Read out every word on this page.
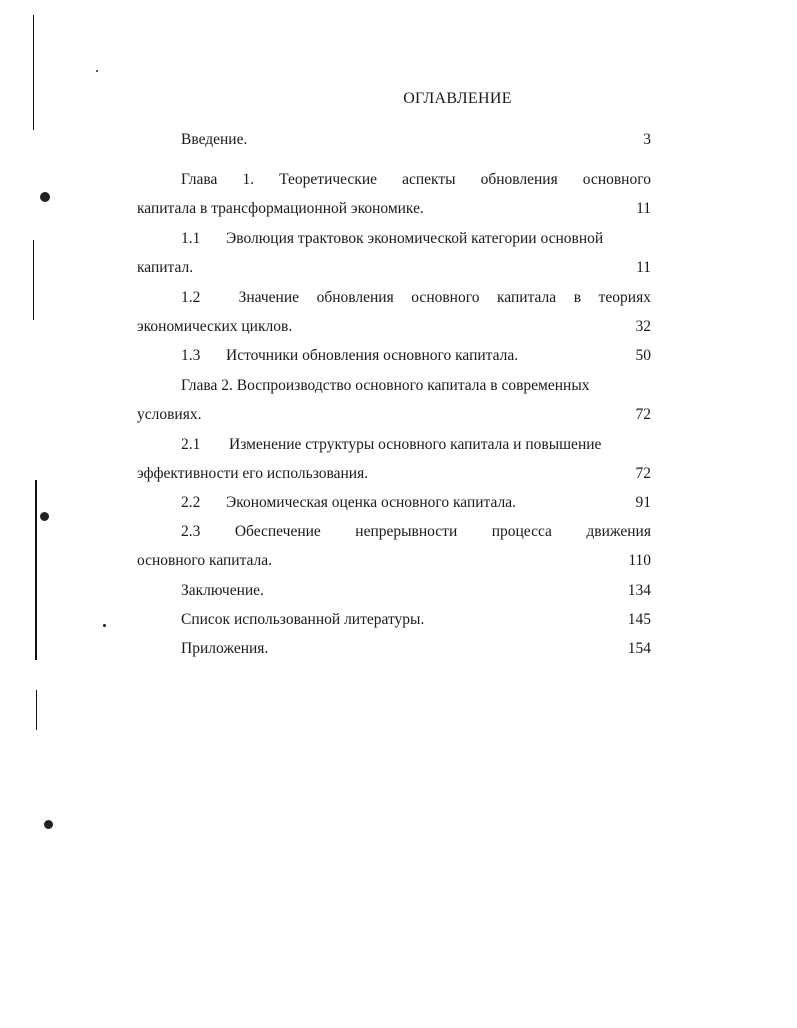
ОГЛАВЛЕНИЕ
Введение.	3
Глава 1. Теоретические аспекты обновления основного
капитала в трансформационной экономике.	11
1.1 Эволюция трактовок экономической категории основной
капитал.	11
1.2	Значение обновления основного капитала в теориях
экономических циклов.	32
1.3 Источники обновления основного капитала.	50
Глава 2. Воспроизводство основного капитала в современных
условиях.	72
2.1 Изменение структуры основного капитала и повышение
эффективности его использования.	72
2.2 Экономическая оценка основного капитала.	91
2.3 Обеспечение непрерывности процесса движения
основного капитала.	110
Заключение.	134
Список использованной литературы.	145
Приложения.	154
